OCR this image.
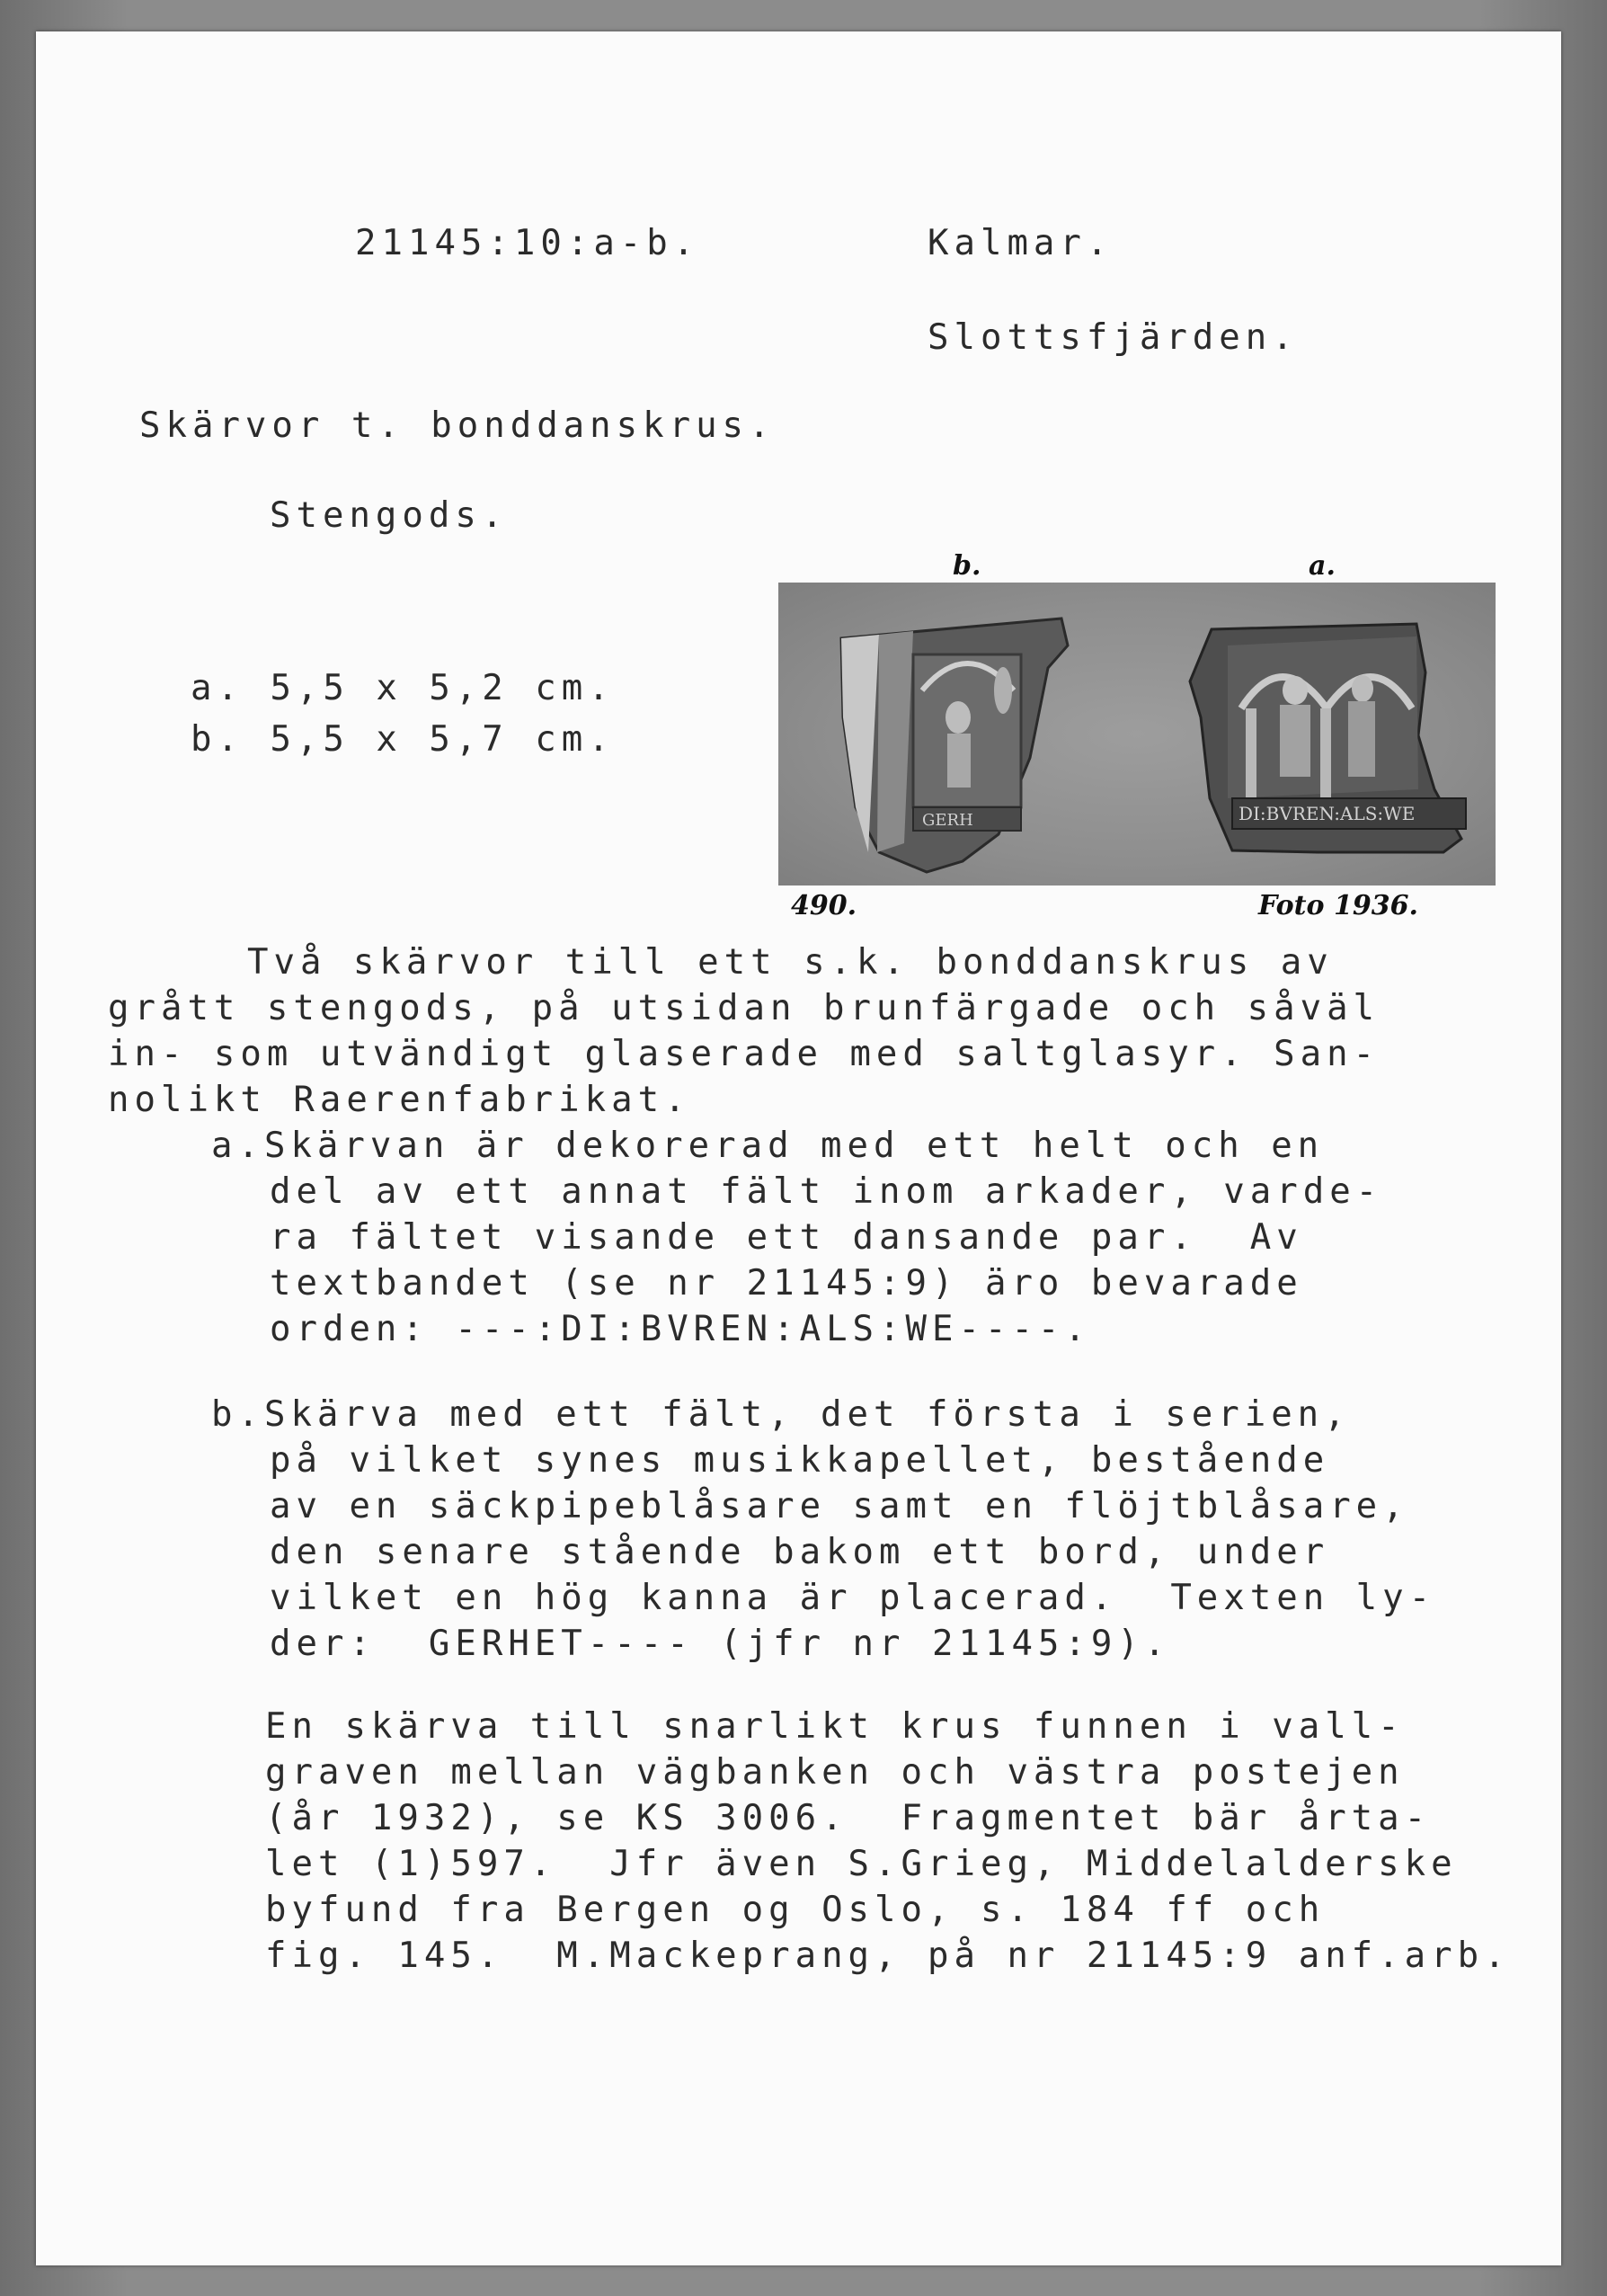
21145:10:a-b.	Kalmar.
Slottsfjärden.
Skärvor t. bonddanskrus.
Stengods.
a. 5,5 x 5,2 cm.
b. 5,5 x 5,7 cm.
b.	a.
GERH	DI:BVREN:ALS:WE
490.	Foto 1936.
Två skärvor till ett s.k. bonddanskrus av
grått stengods, på utsidan brunfärgade och såväl
in- som utvändigt glaserade med saltglasyr. San-
nolikt Raerenfabrikat.
a.Skärvan är dekorerad med ett helt och en
del av ett annat fält inom arkader, varde-
ra fältet visande ett dansande par.  Av
textbandet (se nr 21145:9) äro bevarade
orden: ---:DI:BVREN:ALS:WE----.
b.Skärva med ett fält, det första i serien,
på vilket synes musikkapellet, bestående
av en säckpipeblåsare samt en flöjtblåsare,
den senare stående bakom ett bord, under
vilket en hög kanna är placerad.  Texten ly-
der:  GERHET---- (jfr nr 21145:9).
En skärva till snarlikt krus funnen i vall-
graven mellan vägbanken och västra postejen
(år 1932), se KS 3006.  Fragmentet bär årta-
let (1)597.  Jfr även S.Grieg, Middelalderske
byfund fra Bergen og Oslo, s. 184 ff och
fig. 145.  M.Mackeprang, på nr 21145:9 anf.arb.
